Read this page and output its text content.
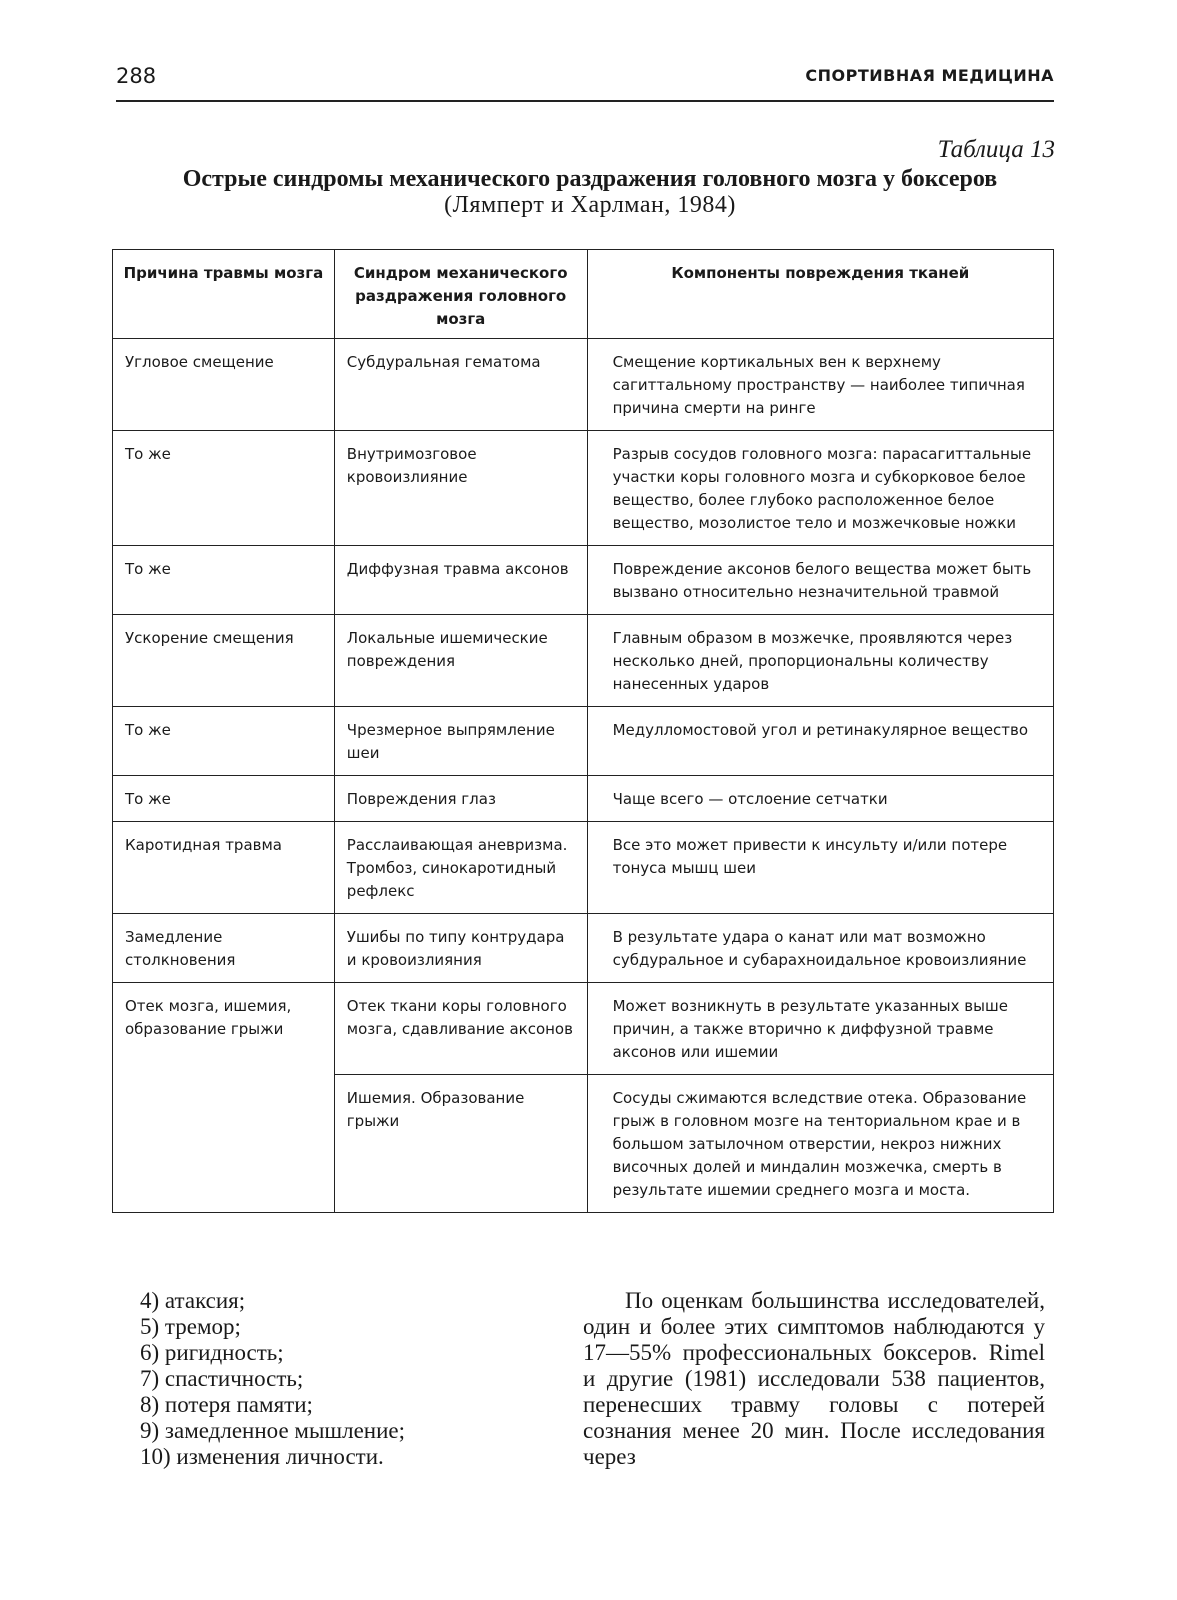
288	СПОРТИВНАЯ МЕДИЦИНА
Таблица 13
Острые синдромы механического раздражения головного мозга у боксеров
(Лямперт и Харлман, 1984)
Причина травмы мозга	Синдром механического раздражения головного мозга	Компоненты повреждения тканей
Угловое смещение	Субдуральная гематома	Смещение кортикальных вен к верхнему сагиттальному пространству — наиболее типичная причина смерти на ринге
То же	Внутримозговое кровоизлияние	Разрыв сосудов головного мозга: парасагиттальные участки коры головного мозга и субкорковое белое вещество, более глубоко расположенное белое вещество, мозолистое тело и мозжечковые ножки
То же	Диффузная травма аксонов	Повреждение аксонов белого вещества может быть вызвано относительно незначительной травмой
Ускорение смещения	Локальные ишемические повреждения	Главным образом в мозжечке, проявляются через несколько дней, пропорциональны количеству нанесенных ударов
То же	Чрезмерное выпрямление шеи	Медулломостовой угол и ретинакулярное вещество
То же	Повреждения глаз	Чаще всего — отслоение сетчатки
Каротидная травма	Расслаивающая аневризма. Тромбоз, синокаротидный рефлекс	Все это может привести к инсульту и/или потере тонуса мышц шеи
Замедление столкновения	Ушибы по типу контрудара и кровоизлияния	В результате удара о канат или мат возможно субдуральное и субарахноидальное кровоизлияние
Отек мозга, ишемия, образование грыжи	Отек ткани коры головного мозга, сдавливание аксонов	Может возникнуть в результате указанных выше причин, а также вторично к диффузной травме аксонов или ишемии
	Ишемия. Образование грыжи	Сосуды сжимаются вследствие отека. Образование грыж в головном мозге на тенториальном крае и в большом затылочном отверстии, некроз нижних височных долей и миндалин мозжечка, смерть в результате ишемии среднего мозга и моста.
4) атаксия;
5) тремор;
6) ригидность;
7) спастичность;
8) потеря памяти;
9) замедленное мышление;
10) изменения личности.

По оценкам большинства исследователей, один и более этих симптомов наблюдаются у 17—55% профессиональных боксеров. Rimel и другие (1981) исследовали 538 пациентов, перенесших травму головы с потерей сознания менее 20 мин. После исследования через
